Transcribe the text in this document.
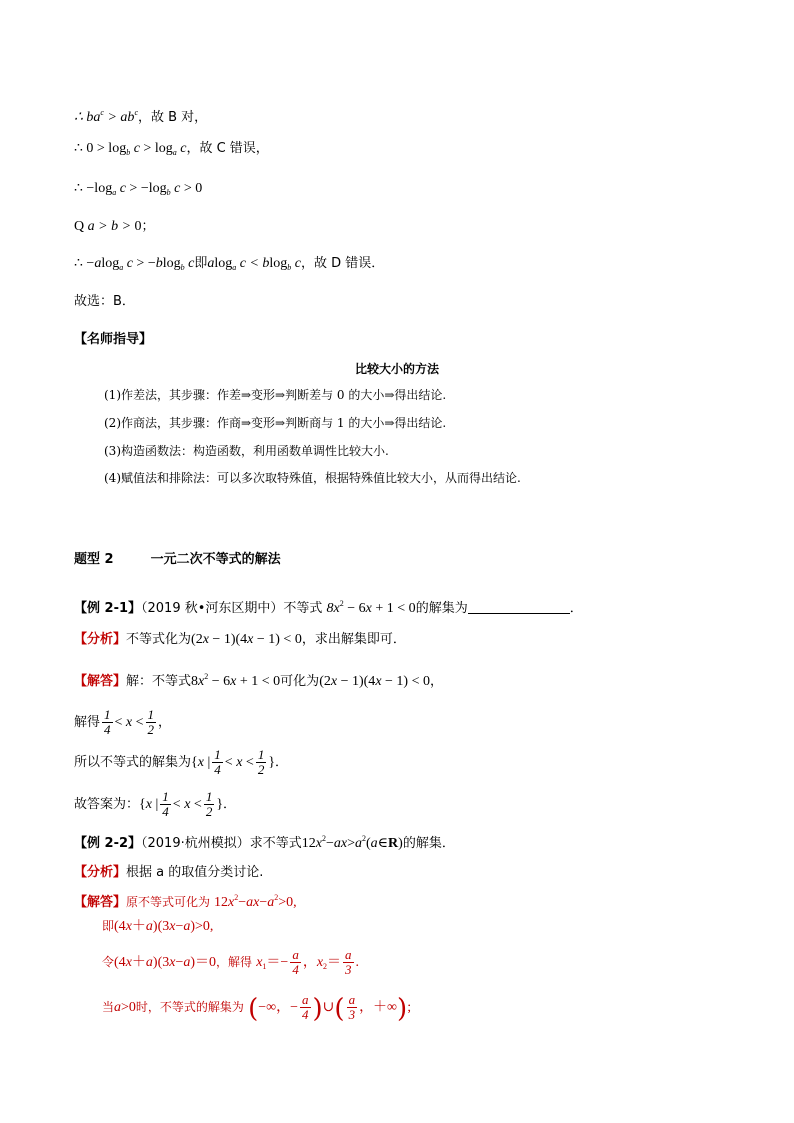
∴ $ba^c > ab^c$，故 B 对，
∴ $0 > \log_b c > \log_a c$，故 C 错误，
∴ $-\log_a$ $c > -\log_b$ c > 0
Q a > b > 0；
∴ −alog$_a$ c > −blog$_b$ c即alog$_a$ c < blog$_b$ c，故 D 错误．
故选：B．
【名师指导】
比较大小的方法
(1)作差法，其步骤：作差⇒变形⇒判断差与 0 的大小⇒得出结论.
(2)作商法，其步骤：作商⇒变形⇒判断商与 1 的大小⇒得出结论.
(3)构造函数法：构造函数，利用函数单调性比较大小.
(4)赋值法和排除法：可以多次取特殊值，根据特殊值比较大小，从而得出结论.
题型 2	一元二次不等式的解法
【例 2-1】（2019 秋•河东区期中）不等式 $8x^2 - 6x + 1 < 0$的解集为	．
【分析】不等式化为(2x − 1)(4x − 1) < 0，求出解集即可．
【解答】解：不等式$8x^2 - 6x + 1 < 0$可化为(2x − 1)(4x − 1) < 0，
解得 $\frac{1}{4} < x < \frac{1}{2}$ ，
所以不等式的解集为{x | $\frac{1}{4} < x < \frac{1}{2}$ }．
故答案为：{x | $\frac{1}{4} < x < \frac{1}{2}$ }．
【例 2-2】（2019·杭州模拟）求不等式$12x^2-ax>a^2(a\in R)$的解集．
【分析】根据 a 的取值分类讨论.
【解答】原不等式可化为 $12x^2-ax-a^2>0$,
即(4x＋a)(3x−a)>0,
令(4x＋a)(3x−a)＝0，解得 $x_1=- \frac{a}{4}$ ，$x_2= \frac{a}{3}$ .
当a>0时，不等式的解集为 (−∞，− $\frac{a}{4}$ )∪( $\frac{a}{3}$ ，＋∞);
